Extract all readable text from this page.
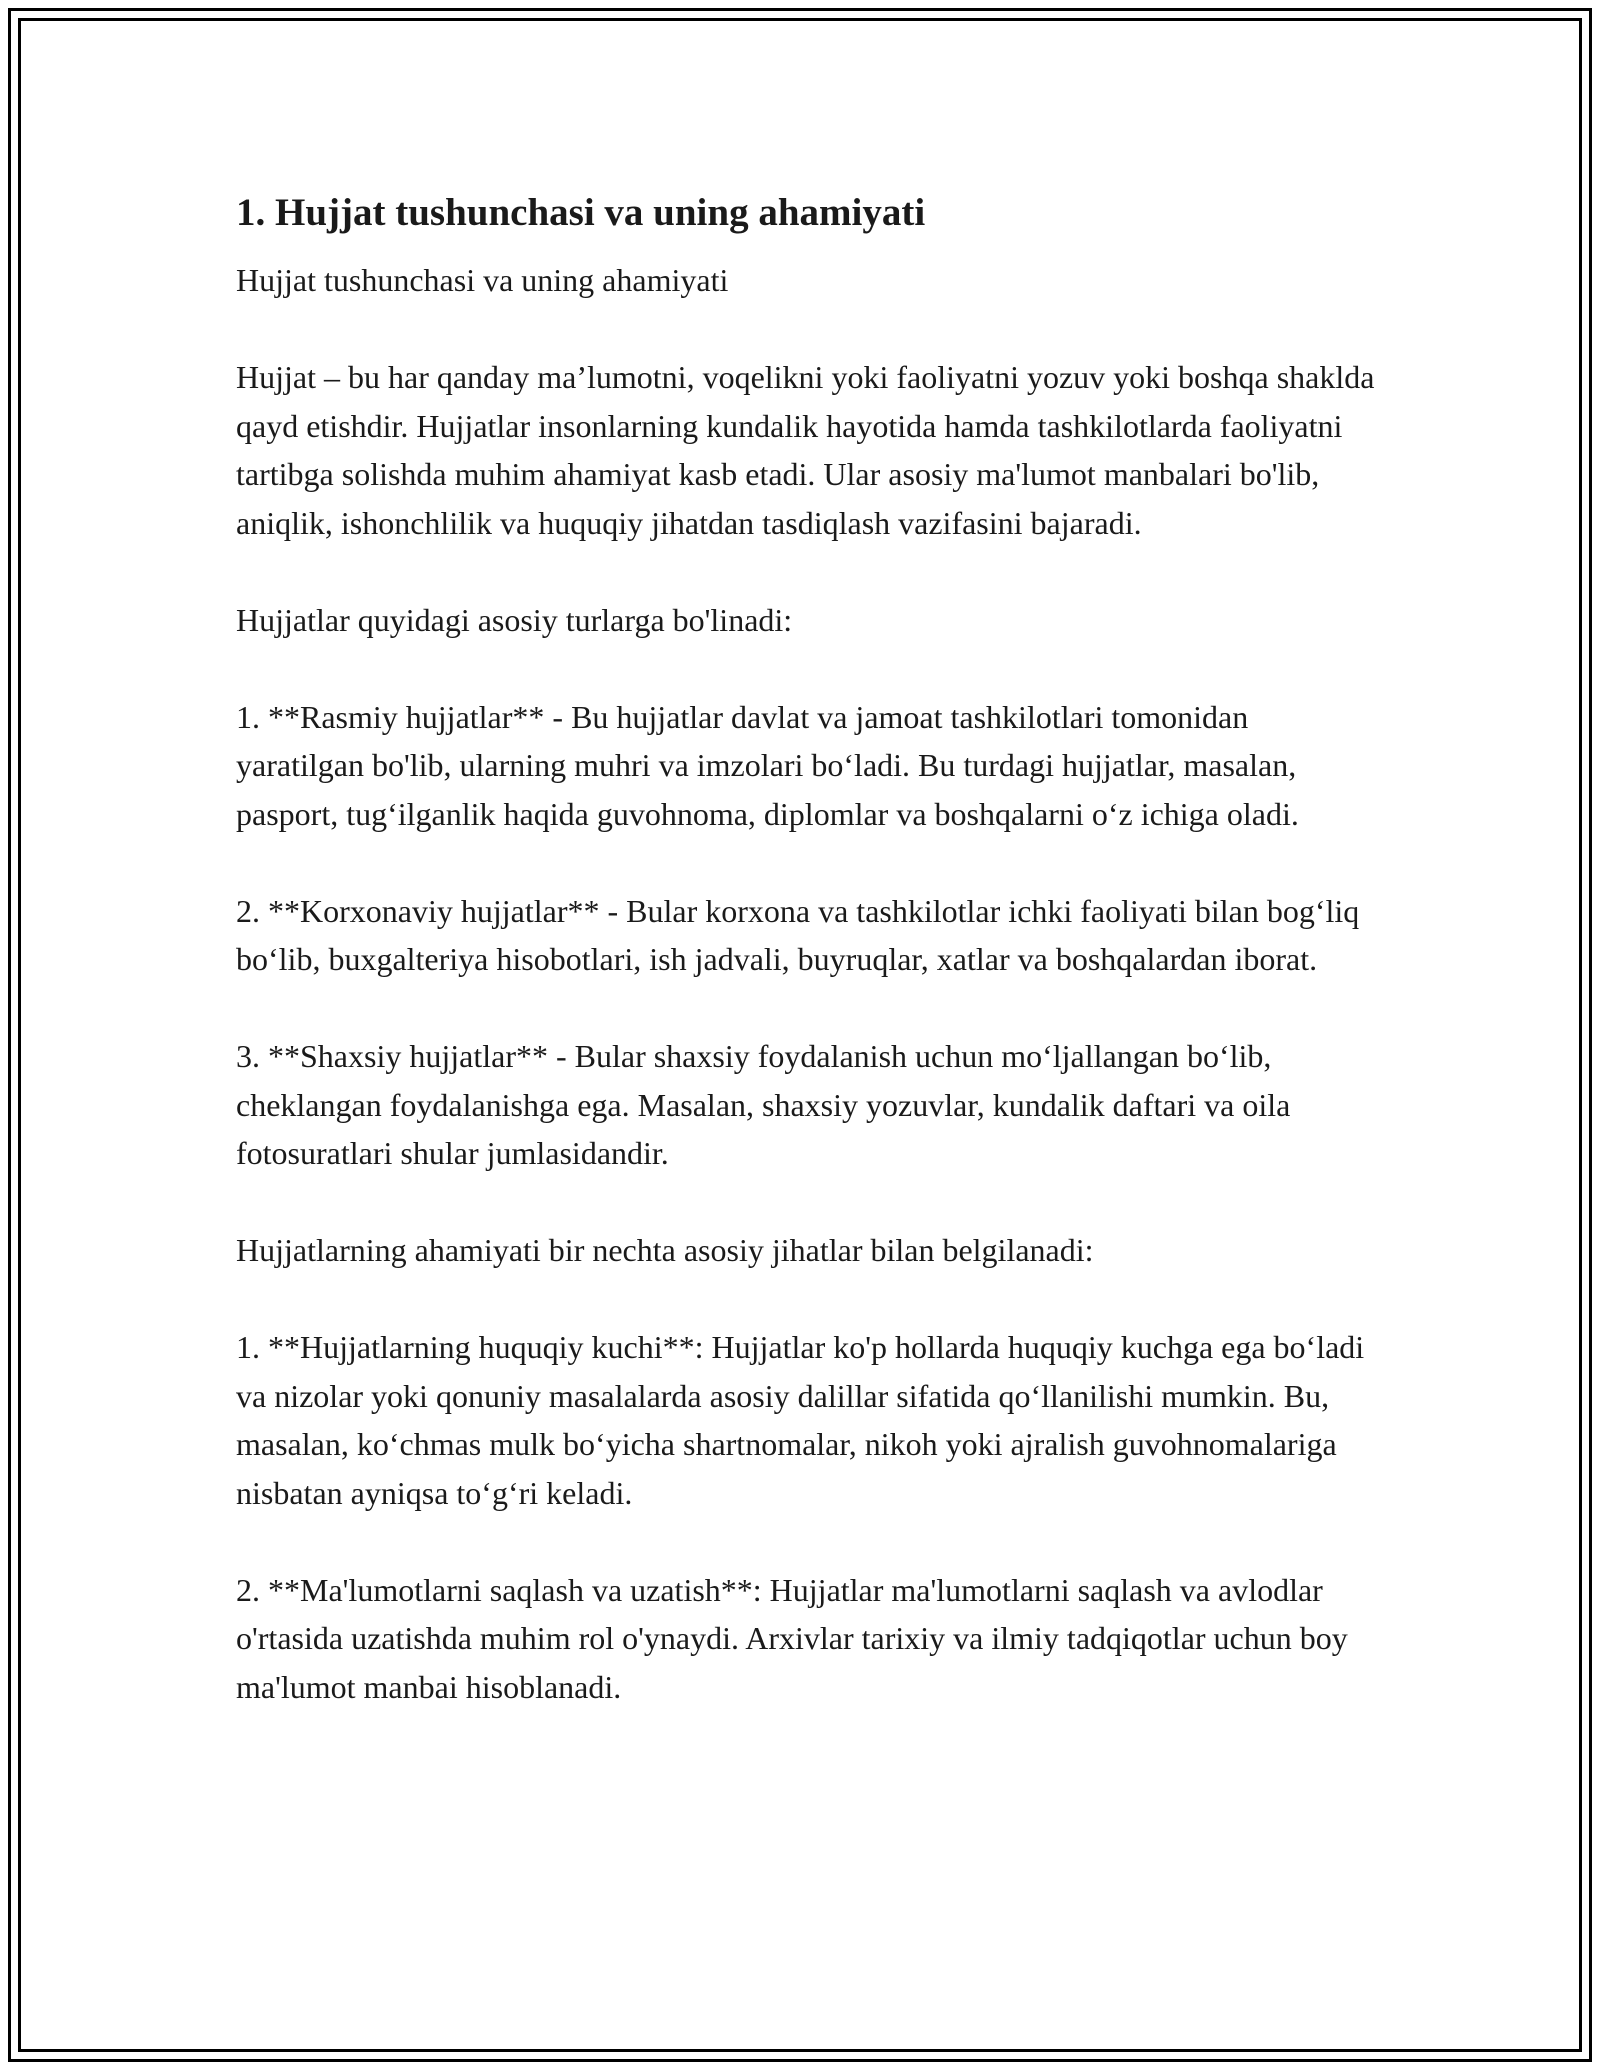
1. Hujjat tushunchasi va uning ahamiyati

Hujjat tushunchasi va uning ahamiyati

Hujjat – bu har qanday ma’lumotni, voqelikni yoki faoliyatni yozuv yoki boshqa shaklda qayd etishdir. Hujjatlar insonlarning kundalik hayotida hamda tashkilotlarda faoliyatni tartibga solishda muhim ahamiyat kasb etadi. Ular asosiy ma'lumot manbalari bo'lib, aniqlik, ishonchlilik va huquqiy jihatdan tasdiqlash vazifasini bajaradi.

Hujjatlar quyidagi asosiy turlarga bo'linadi:

1. **Rasmiy hujjatlar** - Bu hujjatlar davlat va jamoat tashkilotlari tomonidan yaratilgan bo'lib, ularning muhri va imzolari bo‘ladi. Bu turdagi hujjatlar, masalan, pasport, tug‘ilganlik haqida guvohnoma, diplomlar va boshqalarni o‘z ichiga oladi.

2. **Korxonaviy hujjatlar** - Bular korxona va tashkilotlar ichki faoliyati bilan bog‘liq bo‘lib, buxgalteriya hisobotlari, ish jadvali, buyruqlar, xatlar va boshqalardan iborat.

3. **Shaxsiy hujjatlar** - Bular shaxsiy foydalanish uchun mo‘ljallangan bo‘lib, cheklangan foydalanishga ega. Masalan, shaxsiy yozuvlar, kundalik daftari va oila fotosuratlari shular jumlasidandir.

Hujjatlarning ahamiyati bir nechta asosiy jihatlar bilan belgilanadi:

1. **Hujjatlarning huquqiy kuchi**: Hujjatlar ko'p hollarda huquqiy kuchga ega bo‘ladi va nizolar yoki qonuniy masalalarda asosiy dalillar sifatida qo‘llanilishi mumkin. Bu, masalan, ko‘chmas mulk bo‘yicha shartnomalar, nikoh yoki ajralish guvohnomalariga nisbatan ayniqsa to‘g‘ri keladi.

2. **Ma'lumotlarni saqlash va uzatish**: Hujjatlar ma'lumotlarni saqlash va avlodlar o'rtasida uzatishda muhim rol o'ynaydi. Arxivlar tarixiy va ilmiy tadqiqotlar uchun boy ma'lumot manbai hisoblanadi.
